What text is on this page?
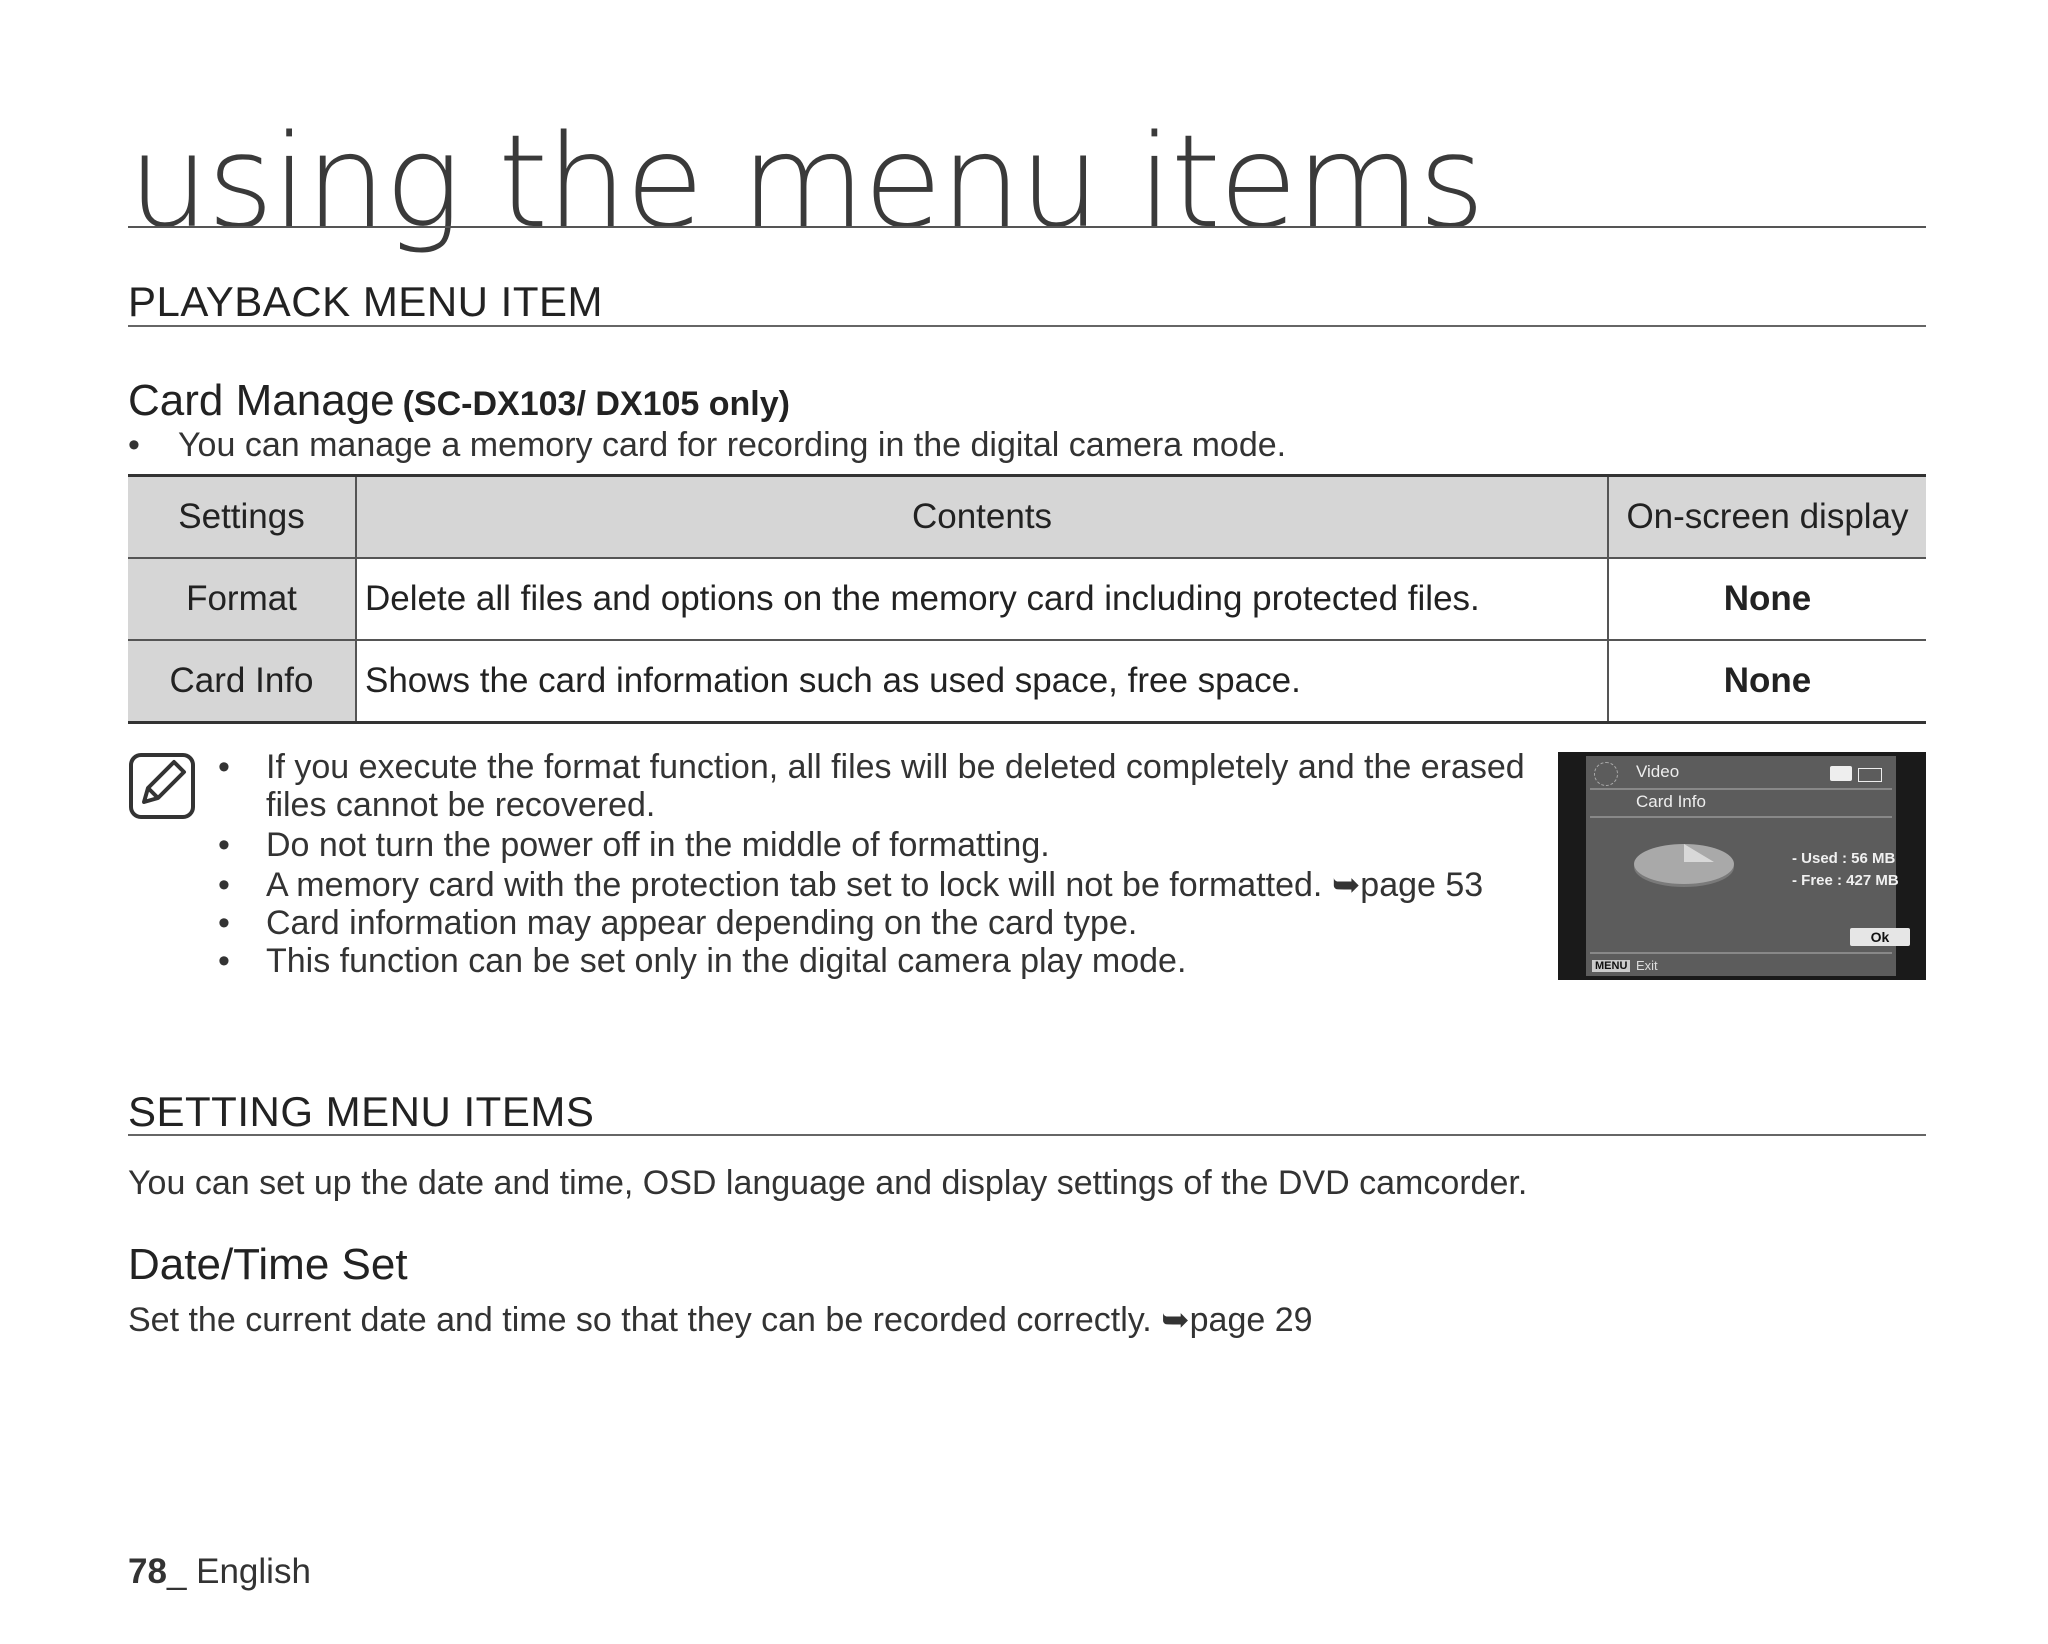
using the menu items
PLAYBACK MENU ITEM
Card Manage (SC-DX103/ DX105 only)
• You can manage a memory card for recording in the digital camera mode.
Settings	Contents	On-screen display
Format	Delete all files and options on the memory card including protected files.	None
Card Info	Shows the card information such as used space, free space.	None
• If you execute the format function, all files will be deleted completely and the erased
files cannot be recovered.
• Do not turn the power off in the middle of formatting.
• A memory card with the protection tab set to lock will not be formatted. ➥page 53
• Card information may appear depending on the card type.
• This function can be set only in the digital camera play mode.
Video
Card Info
- Used : 56 MB
- Free : 427 MB
Ok
MENU Exit
SETTING MENU ITEMS
You can set up the date and time, OSD language and display settings of the DVD camcorder.
Date/Time Set
Set the current date and time so that they can be recorded correctly. ➥page 29
78_ English
